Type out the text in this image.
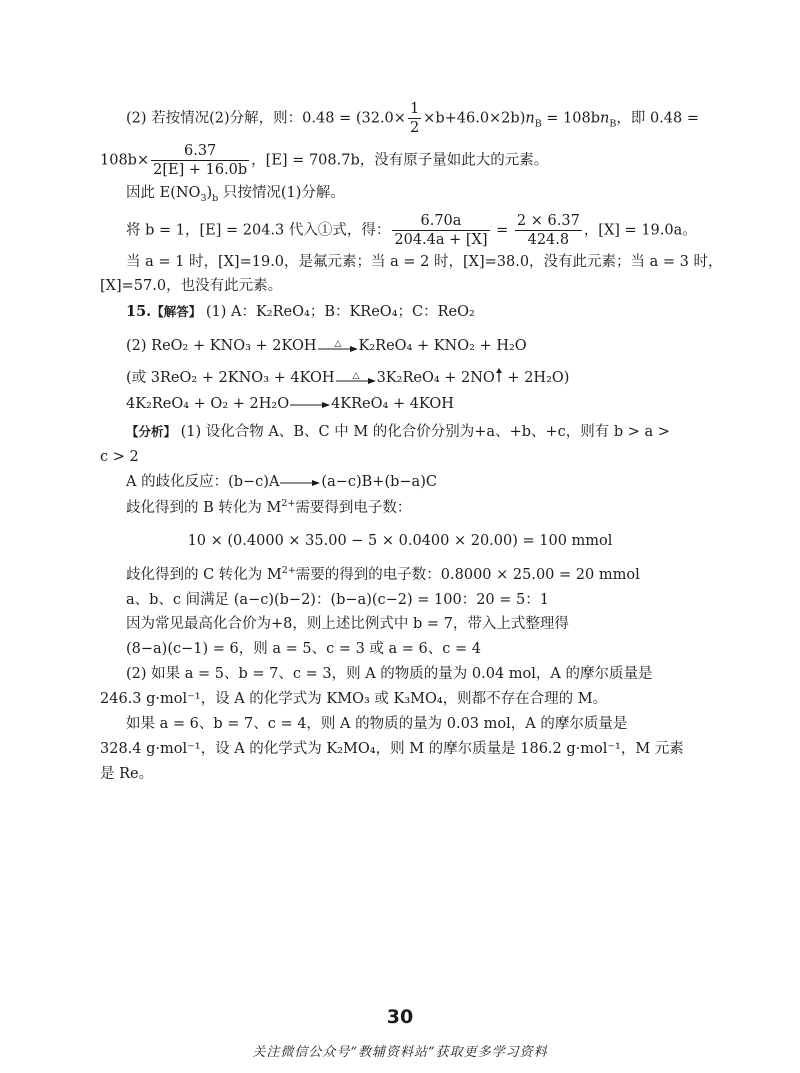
(2) 若按情况(2)分解，则：$0.48 = (32.0\times \frac{1}{2} \times b+46.0\times 2b)n_B = 108bn_B$，即 0.48 =
$108b\times \frac{6.37}{2[E] + 16.0b}$ ，[E] = 708.7b，没有原子量如此大的元素。
因此 $E(NO_3)_b$ 只按情况(1)分解。
将 b = 1，[E] = 204.3 代入①式，得： $\frac{6.70a}{204.4a + [X]} = \frac{2 \times 6.37}{424.8}$ ，[X] = 19.0a。
当 a = 1 时，[X]=19.0，是氟元素；当 a = 2 时，[X]=38.0，没有此元素；当 a = 3 时，
[X]=57.0，也没有此元素。
15.【解答】 (1) A：K₂ReO₄；B：KReO₄；C：ReO₂
(2) ReO₂ + KNO₃ + 2KOH △ K₂ReO₄ + KNO₂ + H₂O
(或 3ReO₂ + 2KNO₃ + 4KOH △ 3K₂ReO₄ + 2NO + 2H₂O)
4K₂ReO₄ + O₂ + 2H₂O→4KReO₄ + 4KOH
【分析】 (1) 设化合物 A、B、C 中 M 的化合价分别为+a、+b、+c，则有 b > a >
c > 2
A 的歧化反应：(b−c)A→(a−c)B+(b−a)C
歧化得到的 B 转化为 $M^{2+}$需要得到电子数：
10 × (0.4000 × 35.00 − 5 × 0.0400 × 20.00) = 100 mmol
歧化得到的 C 转化为 $M^{2+}$需要的得到的电子数：0.8000 × 25.00 = 20 mmol
a、b、c 间满足 (a−c)(b−2)：(b−a)(c−2) = 100：20 = 5：1
因为常见最高化合价为+8，则上述比例式中 b = 7，带入上式整理得
(8−a)(c−1) = 6，则 a = 5、c = 3 或 a = 6、c = 4
(2) 如果 a = 5、b = 7、c = 3，则 A 的物质的量为 0.04 mol，A 的摩尔质量是
246.3 g·mol⁻¹，设 A 的化学式为 KMO₃ 或 K₃MO₄，则都不存在合理的 M。
如果 a = 6、b = 7、c = 4，则 A 的物质的量为 0.03 mol，A 的摩尔质量是
328.4 g·mol⁻¹，设 A 的化学式为 K₂MO₄，则 M 的摩尔质量是 186.2 g·mol⁻¹，M 元素
是 Re。
30
关注微信公众号“教辅资料站”获取更多学习资料
